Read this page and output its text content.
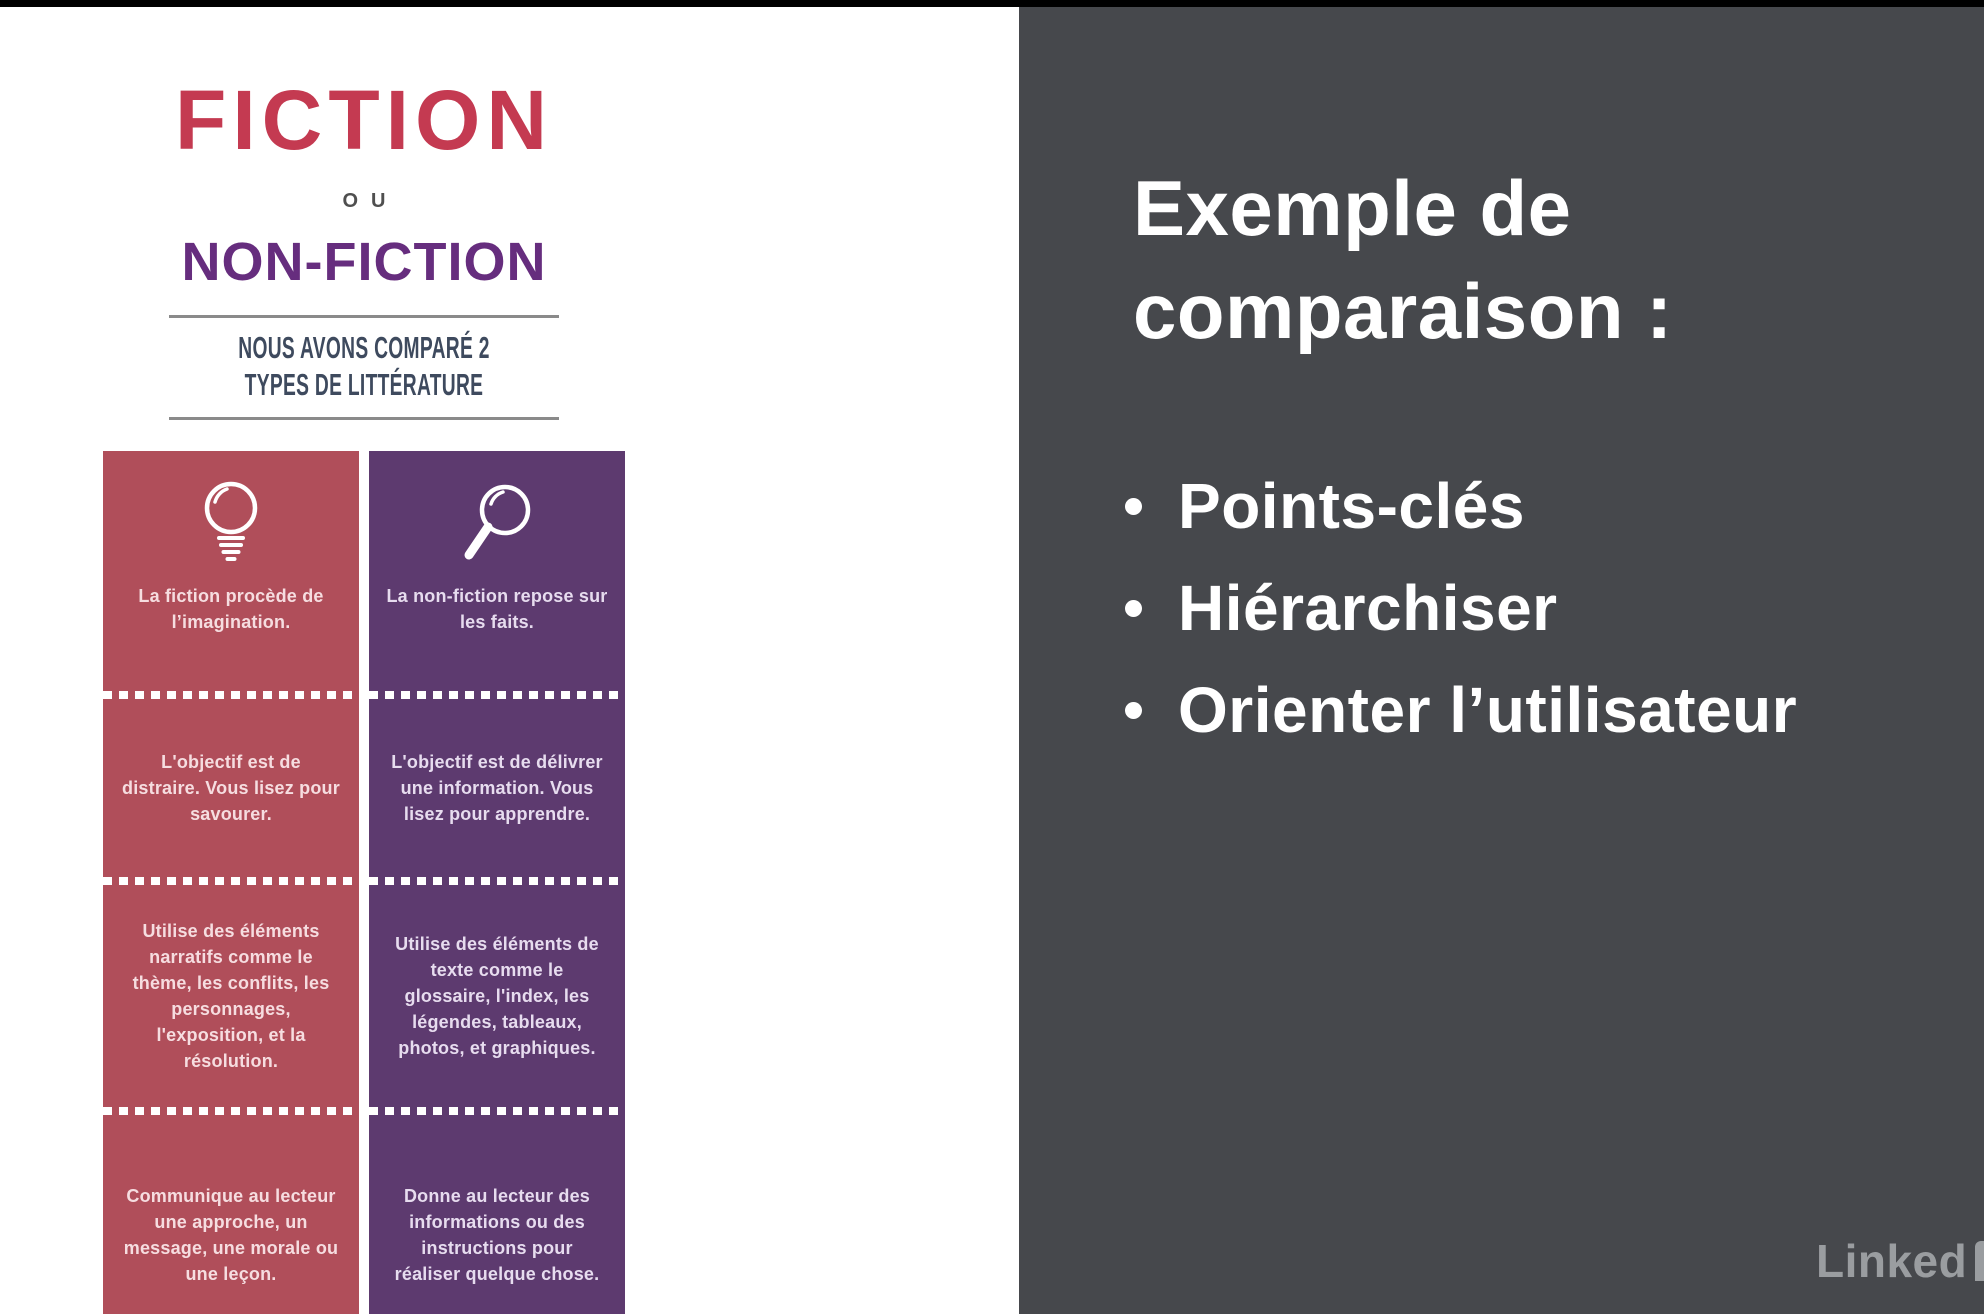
FICTION
OU
NON-FICTION
NOUS AVONS COMPARÉ 2
TYPES DE LITTÉRATURE

La fiction procède de l’imagination.

L'objectif est de distraire. Vous lisez pour savourer.

Utilise des éléments narratifs comme le thème, les conflits, les personnages, l'exposition, et la résolution.

Communique au lecteur une approche, un message, une morale ou une leçon.

La non-fiction repose sur les faits.

L'objectif est de délivrer une information. Vous lisez pour apprendre.

Utilise des éléments de texte comme le glossaire, l'index, les légendes, tableaux, photos, et graphiques.

Donne au lecteur des informations ou des instructions pour réaliser quelque chose.

Exemple de
comparaison :
Points-clés
Hiérarchiser
Orienter l’utilisateur
Linked
